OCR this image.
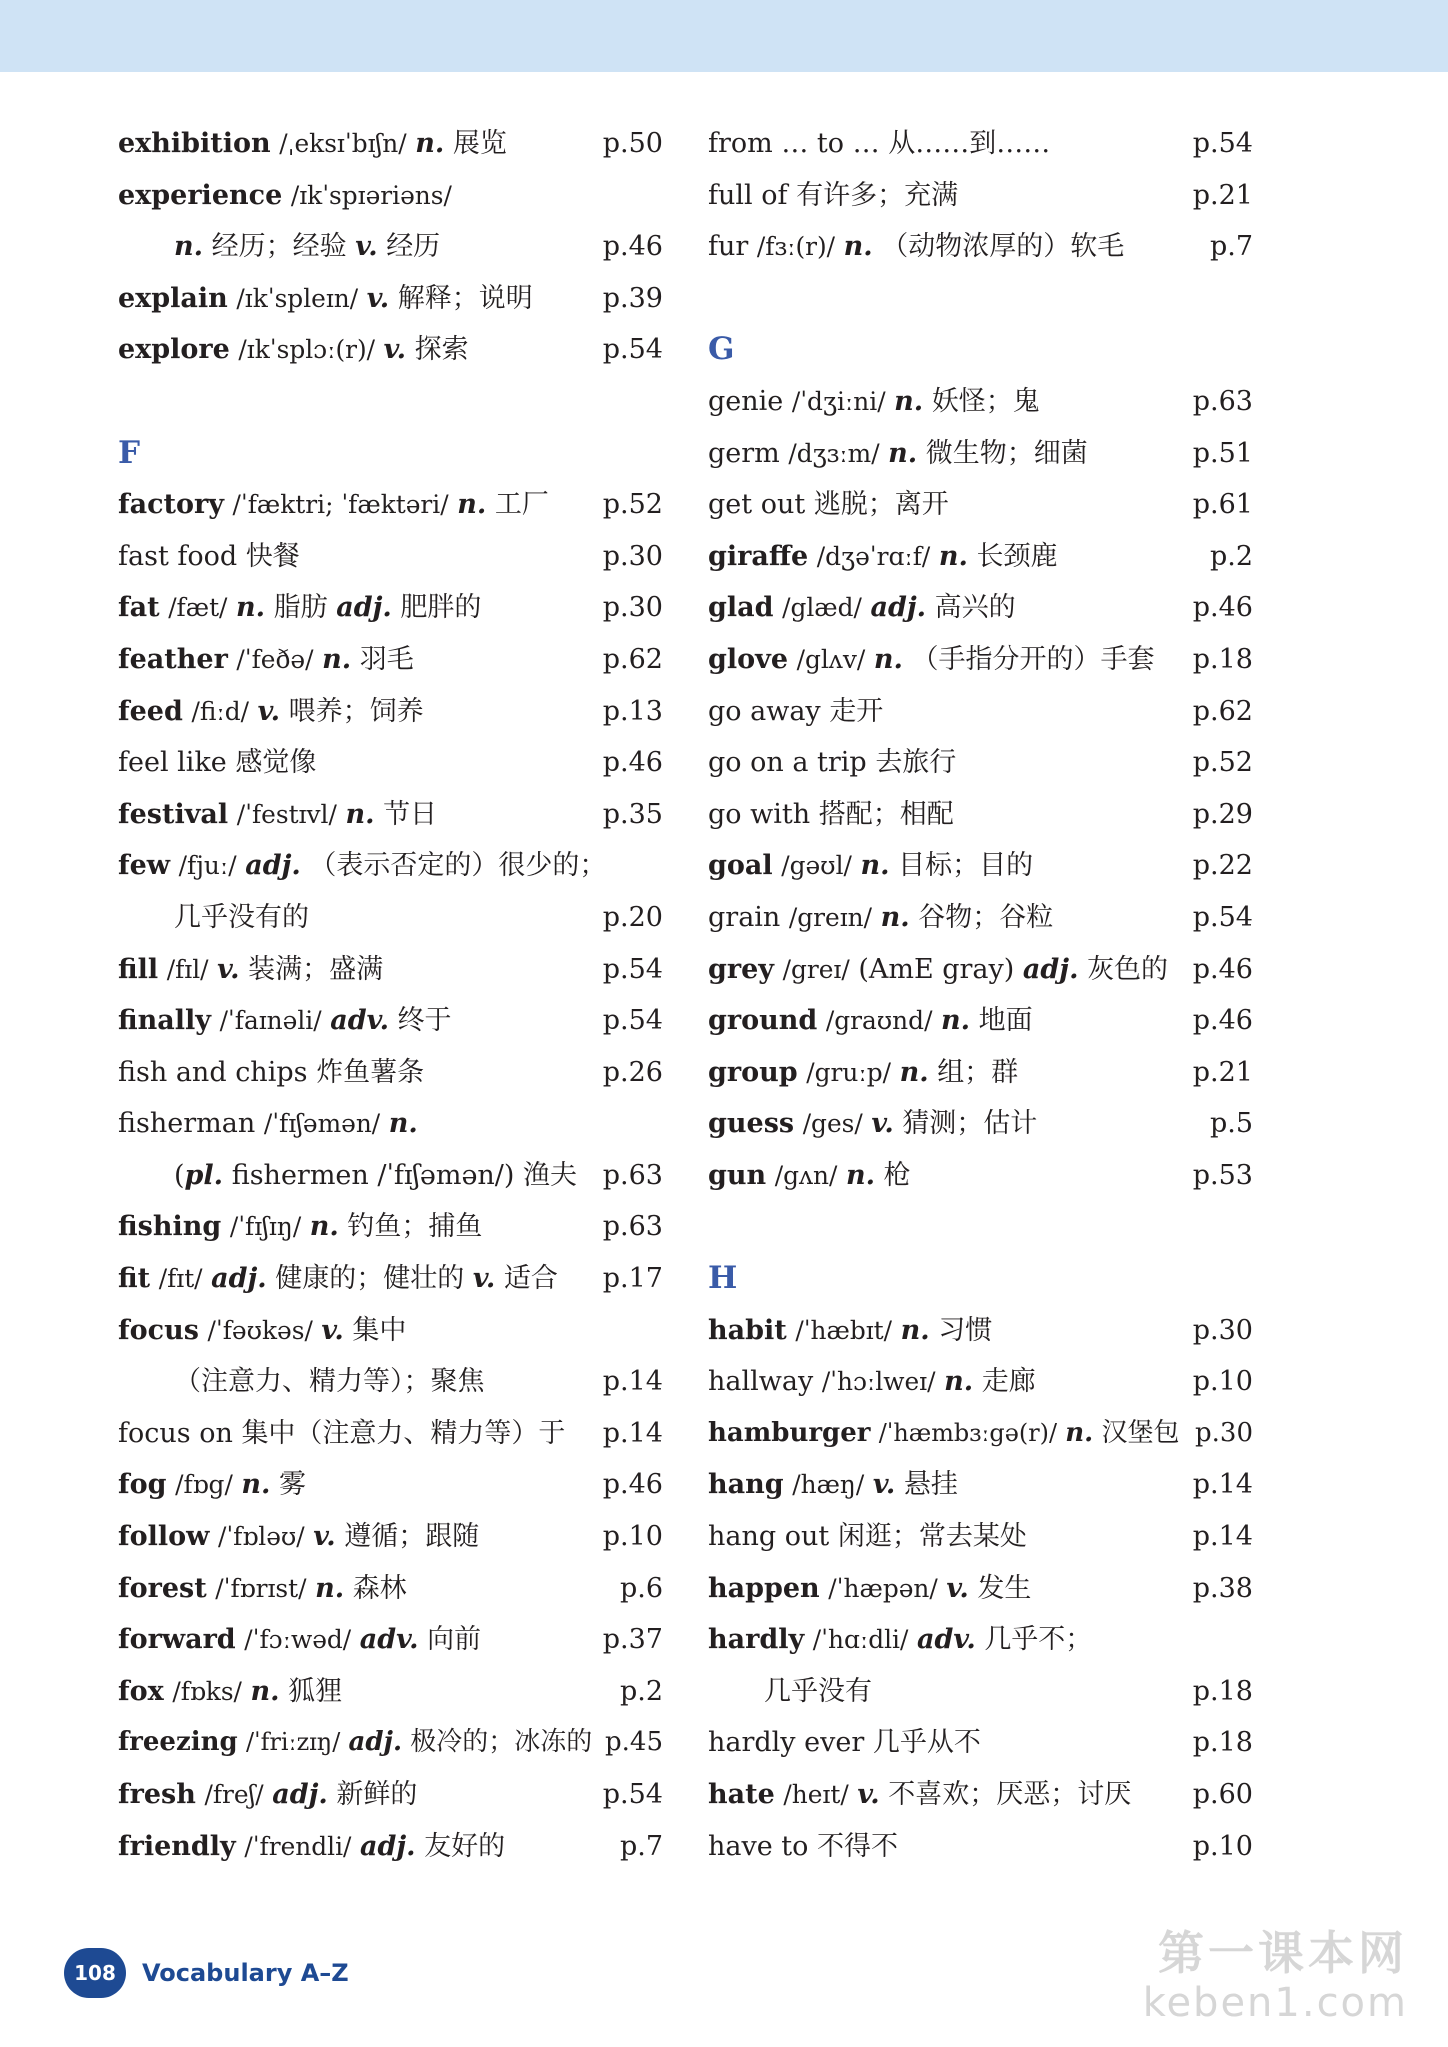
exhibition /ˌeksɪˈbɪʃn/ n. 展览	p.50
experience /ɪkˈspɪəriəns/
n. 经历；经验 v. 经历	p.46
explain /ɪkˈspleɪn/ v. 解释；说明	p.39
explore /ɪkˈsplɔː(r)/ v. 探索	p.54
F
factory /ˈfæktri; ˈfæktəri/ n. 工厂 p.52
fast food 快餐	p.30
fat /fæt/ n. 脂肪 adj. 肥胖的	p.30
feather /ˈfeðə/ n. 羽毛	p.62
feed /fiːd/ v. 喂养；饲养	p.13
feel like 感觉像	p.46
festival /ˈfestɪvl/ n. 节日	p.35
few /fjuː/ adj. （表示否定的）很少的；
几乎没有的	p.20
fill /fɪl/ v. 装满；盛满	p.54
finally /ˈfaɪnəli/ adv. 终于	p.54
fish and chips 炸鱼薯条	p.26
fisherman /ˈfɪʃəmən/ n.
(pl. fishermen /ˈfɪʃəmən/) 渔夫 p.63
fishing /ˈfɪʃɪŋ/ n. 钓鱼；捕鱼	p.63
fit /fɪt/ adj. 健康的；健壮的 v. 适合 p.17
focus /ˈfəʊkəs/ v. 集中
（注意力、精力等）；聚焦	p.14
focus on 集中（注意力、精力等）于 p.14
fog /fɒg/ n. 雾	p.46
follow /ˈfɒləʊ/ v. 遵循；跟随	p.10
forest /ˈfɒrɪst/ n. 森林	p.6
forward /ˈfɔːwəd/ adv. 向前	p.37
fox /fɒks/ n. 狐狸	p.2
freezing /ˈfriːzɪŋ/ adj. 极冷的；冰冻的 p.45
fresh /freʃ/ adj. 新鲜的	p.54
friendly /ˈfrendli/ adj. 友好的	p.7
from … to … 从……到……	p.54
full of 有许多；充满	p.21
fur /fɜː(r)/ n. （动物浓厚的）软毛	p.7
G
genie /ˈdʒiːni/ n. 妖怪；鬼	p.63
germ /dʒɜːm/ n. 微生物；细菌	p.51
get out 逃脱；离开	p.61
giraffe /dʒəˈrɑːf/ n. 长颈鹿	p.2
glad /glæd/ adj. 高兴的	p.46
glove /glʌv/ n. （手指分开的）手套 p.18
go away 走开	p.62
go on a trip 去旅行	p.52
go with 搭配；相配	p.29
goal /gəʊl/ n. 目标；目的	p.22
grain /greɪn/ n. 谷物；谷粒	p.54
grey /greɪ/ (AmE gray) adj. 灰色的 p.46
ground /graʊnd/ n. 地面	p.46
group /gruːp/ n. 组；群	p.21
guess /ges/ v. 猜测；估计	p.5
gun /gʌn/ n. 枪	p.53
H
habit /ˈhæbɪt/ n. 习惯	p.30
hallway /ˈhɔːlweɪ/ n. 走廊	p.10
hamburger /ˈhæmbɜːgə(r)/ n. 汉堡包 p.30
hang /hæŋ/ v. 悬挂	p.14
hang out 闲逛；常去某处	p.14
happen /ˈhæpən/ v. 发生	p.38
hardly /ˈhɑːdli/ adv. 几乎不；
几乎没有	p.18
hardly ever 几乎从不	p.18
hate /heɪt/ v. 不喜欢；厌恶；讨厌 p.60
have to 不得不	p.10
108	Vocabulary A–Z	第一课本网
keben1.com
